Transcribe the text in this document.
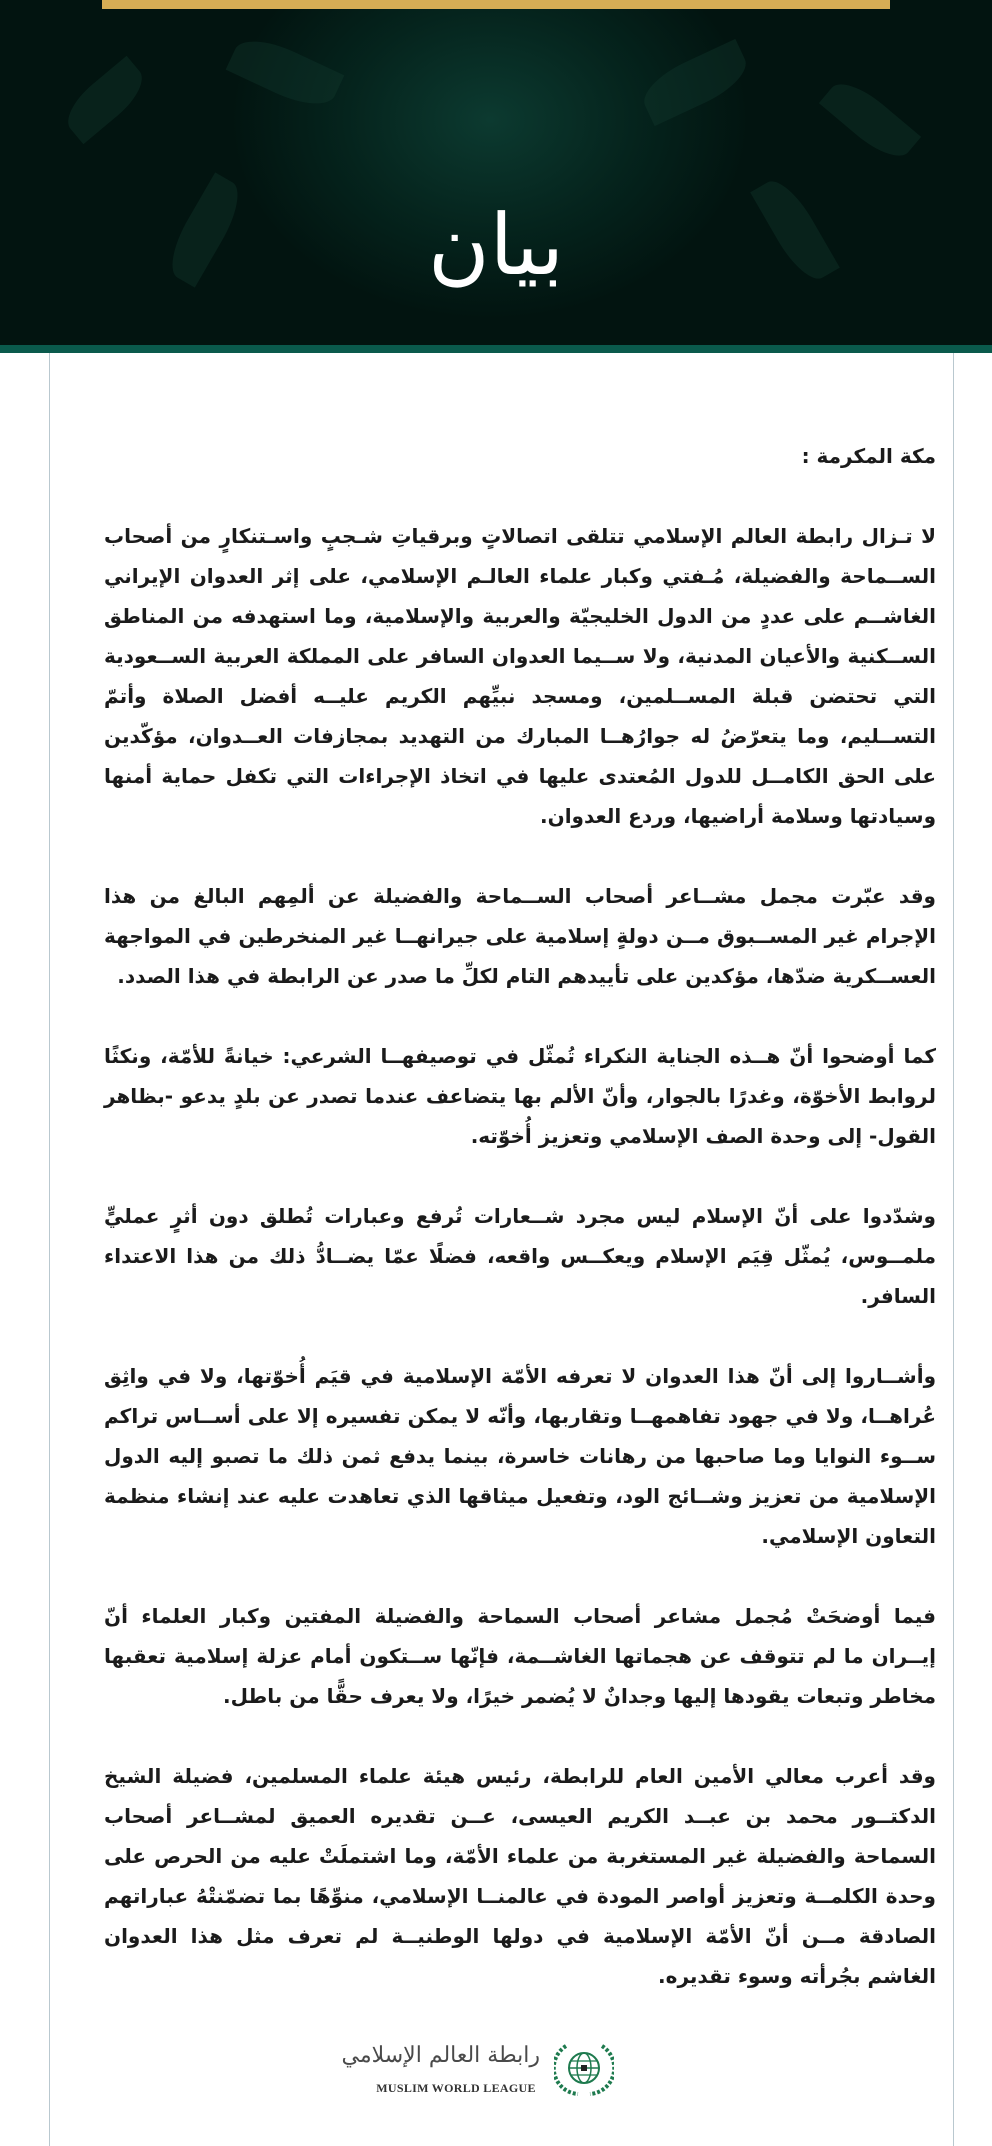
بيان

مكة المكرمة :

لا تـزال رابطة العالم الإسلامي تتلقى اتصالاتٍ وبرقياتِ شـجبٍ واسـتنكارٍ من أصحاب الســماحة والفضيلة، مُـفتي وكبار علماء العالـم الإسلامي، على إثر العدوان الإيراني الغاشــم على عددٍ من الدول الخليجيّة والعربية والإسلامية، وما استهدفه من المناطق الســكنية والأعيان المدنية، ولا ســيما العدوان السافر على المملكة العربية الســعودية التي تحتضن قبلة المســلمين، ومسجد نبيِّهم الكريم عليــه أفضل الصلاة وأتمّ التســليم، وما يتعرّضُ له جوارُهــا المبارك من التهديد بمجازفات العــدوان، مؤكّدين على الحق الكامــل للدول المُعتدى عليها في اتخاذ الإجراءات التي تكفل حماية أمنها وسيادتها وسلامة أراضيها، وردع العدوان.

وقد عبّرت مجمل مشــاعر أصحاب الســماحة والفضيلة عن ألمِهم البالغ من هذا الإجرام غير المســبوق مــن دولةٍ إسلامية على جيرانهــا غير المنخرطين في المواجهة العســكرية ضدّها، مؤكدين على تأييدهم التام لكلِّ ما صدر عن الرابطة في هذا الصدد.

كما أوضحوا أنّ هــذه الجناية النكراء تُمثّل في توصيفهــا الشرعي: خيانةً للأمّة، ونكثًا لروابط الأخوّة، وغدرًا بالجوار، وأنّ الألم بها يتضاعف عندما تصدر عن بلدٍ يدعو -بظاهر القول- إلى وحدة الصف الإسلامي وتعزيز أُخوّته.

وشدّدوا على أنّ الإسلام ليس مجرد شــعارات تُرفع وعبارات تُطلق دون أثرٍ عمليٍّ ملمــوس، يُمثّل قِيَم الإسلام ويعكــس واقعه، فضلًا عمّا يضــادُّ ذلك من هذا الاعتداء السافر.

وأشــاروا إلى أنّ هذا العدوان لا تعرفه الأمّة الإسلامية في قيَم أُخوّتها، ولا في واثِق عُراهــا، ولا في جهود تفاهمهــا وتقاربها، وأنّه لا يمكن تفسيره إلا على أســاس تراكم ســوء النوايا وما صاحبها من رهانات خاسرة، بينما يدفع ثمن ذلك ما تصبو إليه الدول الإسلامية من تعزيز وشــائج الود، وتفعيل ميثاقها الذي تعاهدت عليه عند إنشاء منظمة التعاون الإسلامي.

فيما أوضحَتْ مُجمل مشاعر أصحاب السماحة والفضيلة المفتين وكبار العلماء أنّ إيــران ما لم تتوقف عن هجماتها الغاشــمة، فإنّها ســتكون أمام عزلة إسلامية تعقبها مخاطر وتبعات يقودها إليها وجدانٌ لا يُضمر خيرًا، ولا يعرف حقًّا من باطل.

وقد أعرب معالي الأمين العام للرابطة، رئيس هيئة علماء المسلمين، فضيلة الشيخ الدكتــور محمد بن عبــد الكريم العيسى، عــن تقديره العميق لمشــاعر أصحاب السماحة والفضيلة غير المستغربة من علماء الأمّة، وما اشتملَتْ عليه من الحرص على وحدة الكلمــة وتعزيز أواصر المودة في عالمنــا الإسلامي، منوِّهًا بما تضمّنتْهُ عباراتهم الصادقة مــن أنّ الأمّة الإسلامية في دولها الوطنيــة لم تعرف مثل هذا العدوان الغاشم بجُرأته وسوء تقديره.

رابطة العالم الإسلامي
MUSLIM WORLD LEAGUE
